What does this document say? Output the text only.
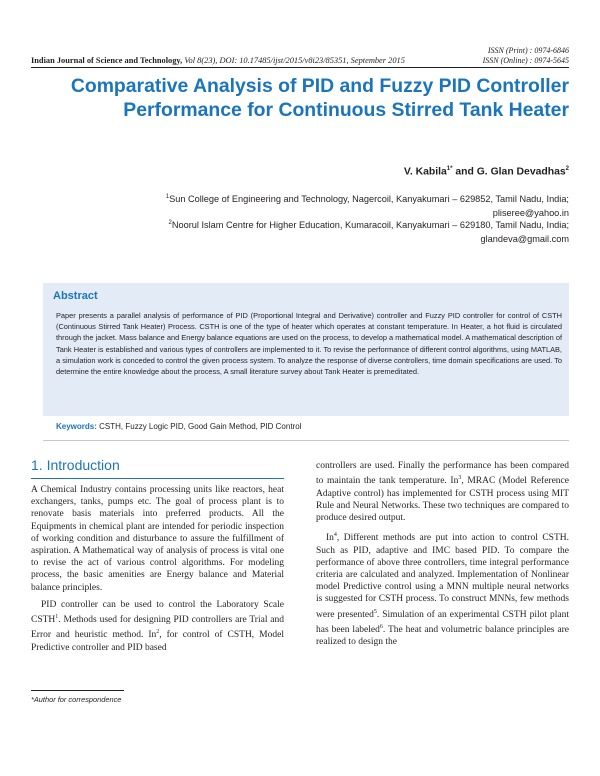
ISSN (Print) : 0974-6846
ISSN (Online) : 0974-5645
Indian Journal of Science and Technology, Vol 8(23), DOI: 10.17485/ijst/2015/v8i23/85351, September 2015
Comparative Analysis of PID and Fuzzy PID Controller Performance for Continuous Stirred Tank Heater
V. Kabila$^{1*}$ and G. Glan Devadhas$^2$
$^1$Sun College of Engineering and Technology, Nagercoil, Kanyakumari – 629852, Tamil Nadu, India; pliseree@yahoo.in
$^2$Noorul Islam Centre for Higher Education, Kumaracoil, Kanyakumari – 629180, Tamil Nadu, India; glandeva@gmail.com
Abstract

Paper presents a parallel analysis of performance of PID (Proportional Integral and Derivative) controller and Fuzzy PID controller for control of CSTH (Continuous Stirred Tank Heater) Process. CSTH is one of the type of heater which operates at constant temperature. In Heater, a hot fluid is circulated through the jacket. Mass balance and Energy balance equations are used on the process, to develop a mathematical model. A mathematical description of Tank Heater is established and various types of controllers are implemented to it. To revise the performance of different control algorithms, using MATLAB, a simulation work is conceded to control the given process system. To analyze the response of diverse controllers, time domain specifications are used. To determine the entire knowledge about the process, A small literature survey about Tank Heater is premeditated.

Keywords: CSTH, Fuzzy Logic PID, Good Gain Method, PID Control
1. Introduction

A Chemical Industry contains processing units like reactors, heat exchangers, tanks, pumps etc. The goal of process plant is to renovate basis materials into preferred products. All the Equipments in chemical plant are intended for periodic inspection of working condition and disturbance to assure the fulfillment of aspiration. A Mathematical way of analysis of process is vital one to revise the act of various control algorithms. For modeling process, the basic amenities are Energy balance and Material balance principles.

PID controller can be used to control the Laboratory Scale CSTH$^1$. Methods used for designing PID controllers are Trial and Error and heuristic method. In$^2$, for control of CSTH, Model Predictive controller and PID based

controllers are used. Finally the performance has been compared to maintain the tank temperature. In$^3$, MRAC (Model Reference Adaptive control) has implemented for CSTH process using MIT Rule and Neural Networks. These two techniques are compared to produce desired output.

In$^4$, Different methods are put into action to control CSTH. Such as PID, adaptive and IMC based PID. To compare the performance of above three controllers, time integral performance criteria are calculated and analyzed. Implementation of Nonlinear model Predictive control using a MNN multiple neural networks is suggested for CSTH process. To construct MNNs, few methods were presented$^5$. Simulation of an experimental CSTH pilot plant has been labeled$^6$. The heat and volumetric balance principles are realized to design the

*Author for correspondence
